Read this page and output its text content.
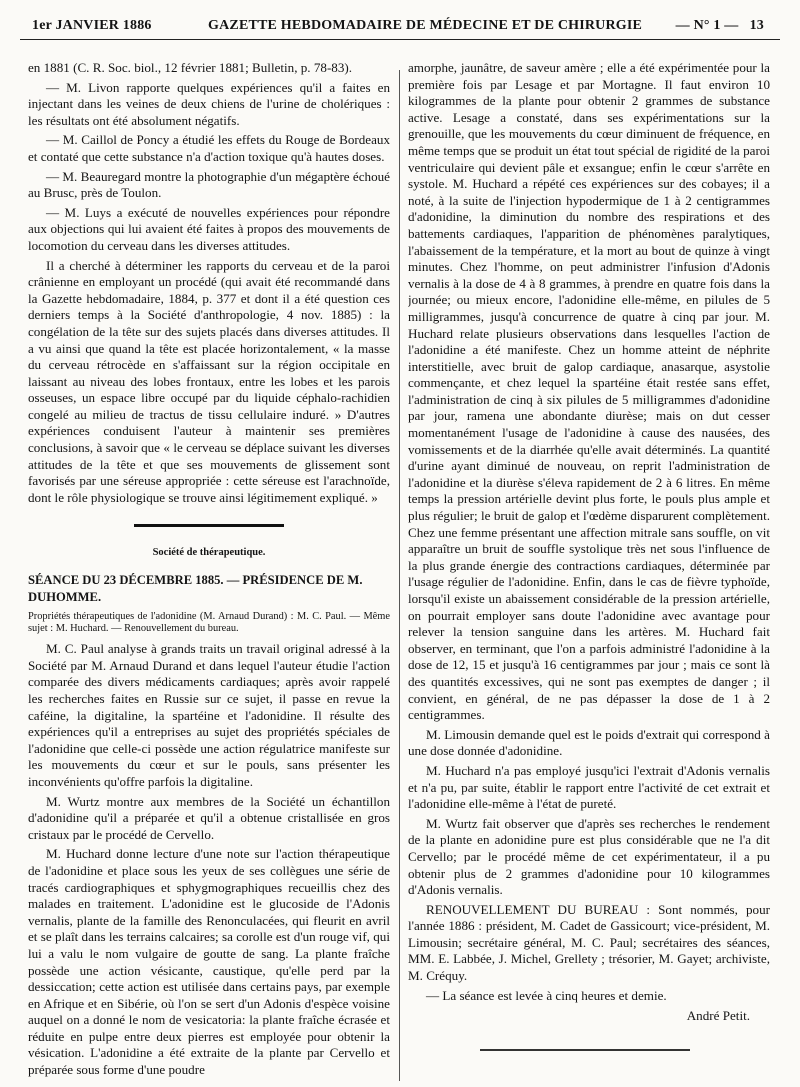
1er JANVIER 1886	GAZETTE HEBDOMADAIRE DE MÉDECINE ET DE CHIRURGIE — N° 1 — 13

en 1881 (C. R. Soc. biol., 12 février 1881; Bulletin, p. 78-83).

— M. Livon rapporte quelques expériences qu'il a faites en injectant dans les veines de deux chiens de l'urine de cholériques : les résultats ont été absolument négatifs.

— M. Caillol de Poncy a étudié les effets du Rouge de Bordeaux et contaté que cette substance n'a d'action toxique qu'à hautes doses.

— M. Beauregard montre la photographie d'un mégaptère échoué au Brusc, près de Toulon.

— M. Luys a exécuté de nouvelles expériences pour répondre aux objections qui lui avaient été faites à propos des mouvements de locomotion du cerveau dans les diverses attitudes.

Il a cherché à déterminer les rapports du cerveau et de la paroi crânienne en employant un procédé (qui avait été recommandé dans la Gazette hebdomadaire, 1884, p. 377 et dont il a été question ces derniers temps à la Société d'anthropologie, 4 nov. 1885) : la congélation de la tête sur des sujets placés dans diverses attitudes. Il a vu ainsi que quand la tête est placée horizontalement, « la masse du cerveau rétrocède en s'affaissant sur la région occipitale en laissant au niveau des lobes frontaux, entre les lobes et les parois osseuses, un espace libre occupé par du liquide céphalo-rachidien congelé au milieu de tractus de tissu cellulaire induré. » D'autres expériences conduisent l'auteur à maintenir ses premières conclusions, à savoir que « le cerveau se déplace suivant les diverses attitudes de la tête et que ses mouvements de glissement sont favorisés par une séreuse appropriée : cette séreuse est l'arachnoïde, dont le rôle physiologique se trouve ainsi légitimement expliqué. »

Société de thérapeutique.

SÉANCE DU 23 DÉCEMBRE 1885. — PRÉSIDENCE DE M. DUHOMME.

Propriétés thérapeutiques de l'adonidine (M. Arnaud Durand) : M. C. Paul. — Même sujet : M. Huchard. — Renouvellement du bureau.

M. C. Paul analyse à grands traits un travail original adressé à la Société par M. Arnaud Durand et dans lequel l'auteur étudie l'action comparée des divers médicaments cardiaques; après avoir rappelé les recherches faites en Russie sur ce sujet, il passe en revue la caféine, la digitaline, la spartéine et l'adonidine. Il résulte des expériences qu'il a entreprises au sujet des propriétés spéciales de l'adonidine que celle-ci possède une action régulatrice manifeste sur les mouvements du cœur et sur le pouls, sans présenter les inconvénients qu'offre parfois la digitaline.

M. Wurtz montre aux membres de la Société un échantillon d'adonidine qu'il a préparée et qu'il a obtenue cristallisée en gros cristaux par le procédé de Cervello.

M. Huchard donne lecture d'une note sur l'action thérapeutique de l'adonidine et place sous les yeux de ses collègues une série de tracés cardiographiques et sphygmographiques recueillis chez des malades en traitement. L'adonidine est le glucoside de l'Adonis vernalis, plante de la famille des Renonculacées, qui fleurit en avril et se plaît dans les terrains calcaires; sa corolle est d'un rouge vif, qui lui a valu le nom vulgaire de goutte de sang. La plante fraîche possède une action vésicante, caustique, qu'elle perd par la dessiccation; cette action est utilisée dans certains pays, par exemple en Afrique et en Sibérie, où l'on se sert d'un Adonis d'espèce voisine auquel on a donné le nom de vesicatoria: la plante fraîche écrasée et réduite en pulpe entre deux pierres est employée pour obtenir la vésication. L'adonidine a été extraite de la plante par Cervello et préparée sous forme d'une poudre

amorphe, jaunâtre, de saveur amère ; elle a été expérimentée pour la première fois par Lesage et par Mortagne. Il faut environ 10 kilogrammes de la plante pour obtenir 2 grammes de substance active. Lesage a constaté, dans ses expérimentations sur la grenouille, que les mouvements du cœur diminuent de fréquence, en même temps que se produit un état tout spécial de rigidité de la paroi ventriculaire qui devient pâle et exsangue; enfin le cœur s'arrête en systole. M. Huchard a répété ces expériences sur des cobayes; il a noté, à la suite de l'injection hypodermique de 1 à 2 centigrammes d'adonidine, la diminution du nombre des respirations et des battements cardiaques, l'apparition de phénomènes paralytiques, l'abaissement de la température, et la mort au bout de quinze à vingt minutes. Chez l'homme, on peut administrer l'infusion d'Adonis vernalis à la dose de 4 à 8 grammes, à prendre en quatre fois dans la journée; ou mieux encore, l'adonidine elle-même, en pilules de 5 milligrammes, jusqu'à concurrence de quatre à cinq par jour. M. Huchard relate plusieurs observations dans lesquelles l'action de l'adonidine a été manifeste. Chez un homme atteint de néphrite interstitielle, avec bruit de galop cardiaque, anasarque, asystolie commençante, et chez lequel la spartéine était restée sans effet, l'administration de cinq à six pilules de 5 milligrammes d'adonidine par jour, ramena une abondante diurèse; mais on dut cesser momentanément l'usage de l'adonidine à cause des nausées, des vomissements et de la diarrhée qu'elle avait déterminés. La quantité d'urine ayant diminué de nouveau, on reprit l'administration de l'adonidine et la diurèse s'éleva rapidement de 2 à 6 litres. En même temps la pression artérielle devint plus forte, le pouls plus ample et plus régulier; le bruit de galop et l'œdème disparurent complètement. Chez une femme présentant une affection mitrale sans souffle, on vit apparaître un bruit de souffle systolique très net sous l'influence de la plus grande énergie des contractions cardiaques, déterminée par l'usage régulier de l'adonidine. Enfin, dans le cas de fièvre typhoïde, lorsqu'il existe un abaissement considérable de la pression artérielle, on pourrait employer sans doute l'adonidine avec avantage pour relever la tension sanguine dans les artères. M. Huchard fait observer, en terminant, que l'on a parfois administré l'adonidine à la dose de 12, 15 et jusqu'à 16 centigrammes par jour ; mais ce sont là des quantités excessives, qui ne sont pas exemptes de danger ; il convient, en général, de ne pas dépasser la dose de 1 à 2 centigrammes.

M. Limousin demande quel est le poids d'extrait qui correspond à une dose donnée d'adonidine.

M. Huchard n'a pas employé jusqu'ici l'extrait d'Adonis vernalis et n'a pu, par suite, établir le rapport entre l'activité de cet extrait et l'adonidine elle-même à l'état de pureté.

M. Wurtz fait observer que d'après ses recherches le rendement de la plante en adonidine pure est plus considérable que ne l'a dit Cervello; par le procédé même de cet expérimentateur, il a pu obtenir plus de 2 grammes d'adonidine pour 10 kilogrammes d'Adonis vernalis.

RENOUVELLEMENT DU BUREAU : Sont nommés, pour l'année 1886 : président, M. Cadet de Gassicourt; vice-président, M. Limousin; secrétaire général, M. C. Paul; secrétaires des séances, MM. E. Labbée, J. Michel, Grellety ; trésorier, M. Gayet; archiviste, M. Créquy.

— La séance est levée à cinq heures et demie.

André Petit.
